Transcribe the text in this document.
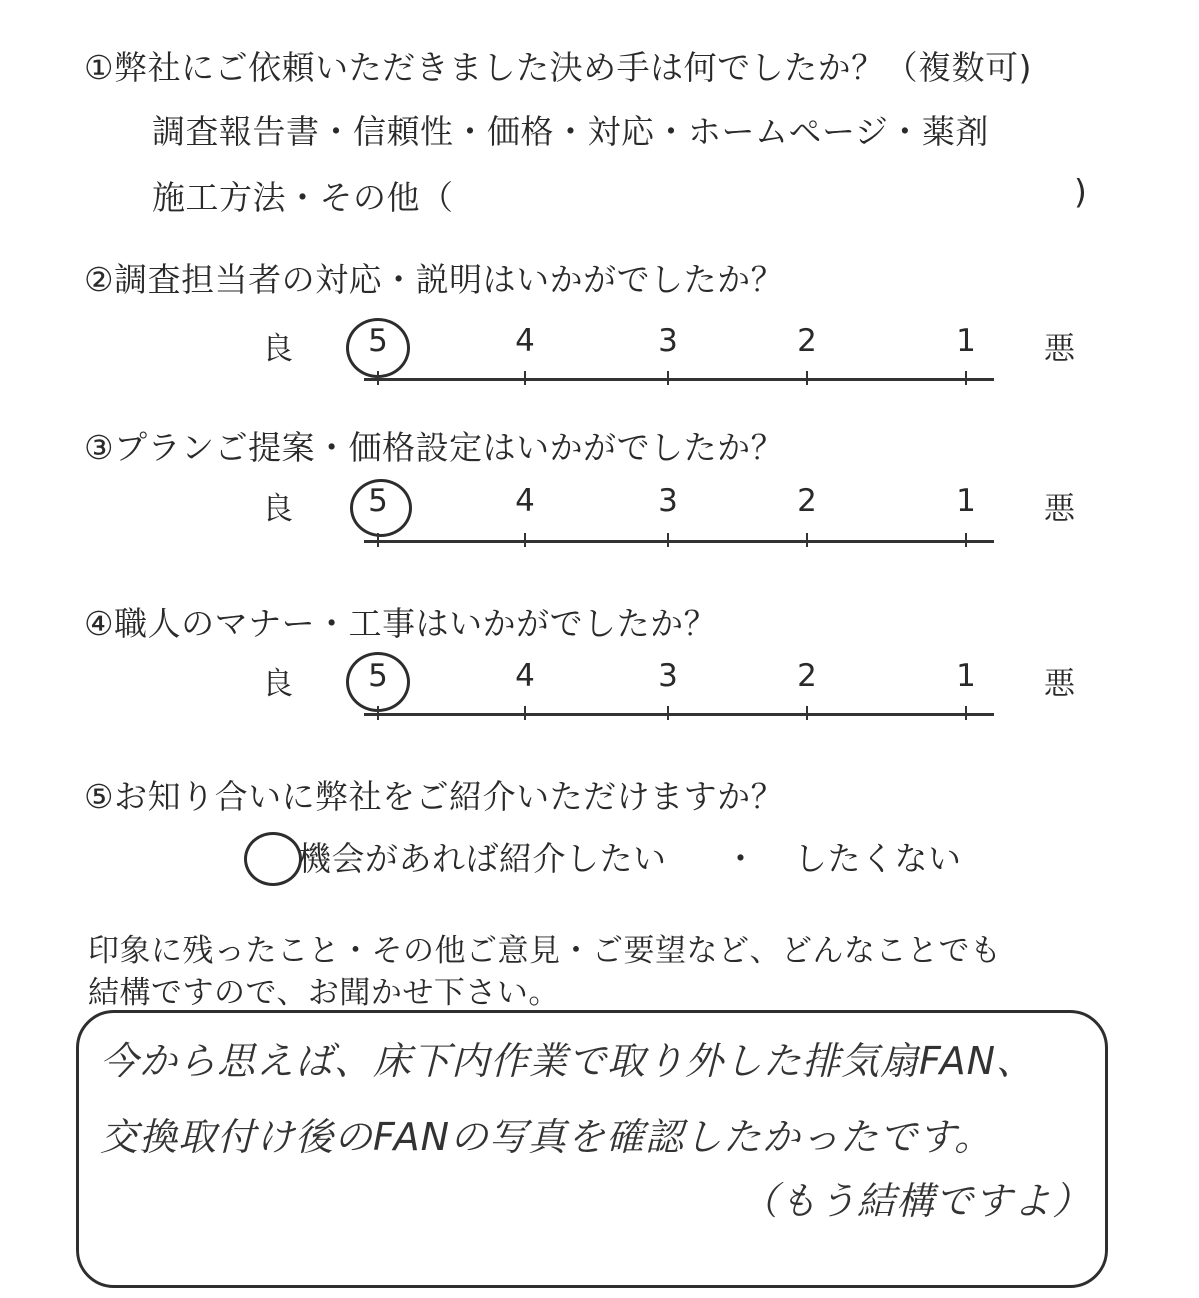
①弊社にご依頼いただきました決め手は何でしたか？（複数可)
調査報告書・信頼性・価格・対応・ホームページ・薬剤
施工方法・その他（	)
②調査担当者の対応・説明はいかがでしたか？
良	5	4	3	2	1	悪
③プランご提案・価格設定はいかがでしたか？
良	5	4	3	2	1	悪
④職人のマナー・工事はいかがでしたか？
良	5	4	3	2	1	悪
⑤お知り合いに弊社をご紹介いただけますか？
機会があれば紹介したい ・ したくない
印象に残ったこと・その他ご意見・ご要望など、どんなことでも
結構ですので、お聞かせ下さい。
今から思えば、床下内作業で取り外した排気扇FAN、
交換取付け後のFANの写真を確認したかったです。
（もう結構ですよ）
